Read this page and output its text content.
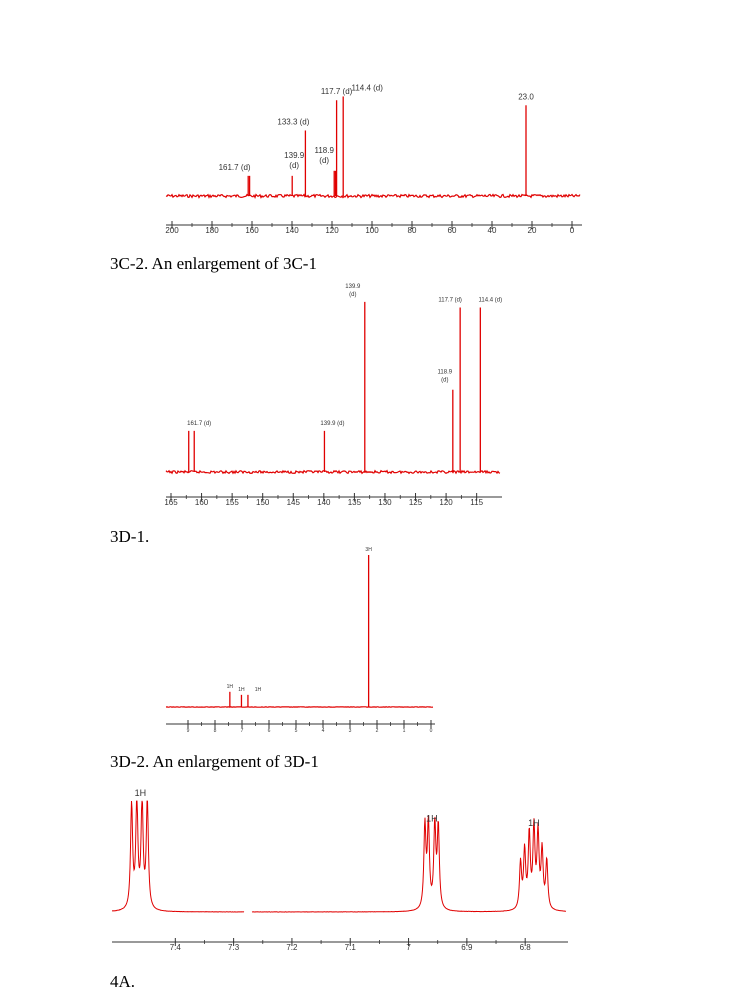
161.7 (d)
139.9
(d)
133.3 (d)
118.9
(d)
117.7 (d) 114.4 (d)
23.0
200	180	160	140	120	100	80	60	40	20	0

3C-2. An enlargement of 3C-1

161.7 (d)	139.9 (d)
139.9
(d)
118.9
(d)
117.7 (d)	114.4 (d)
165 160 155 150 145 140 135 130 125 120 115

3D-1.

1H
1H 1H
3H
9	8	7	6	5	4	3	2	1	0

3D-2. An enlargement of 3D-1

1H
1H	1H
7.4	7.3	7.2	7.1	7	6.9	6.8

4A.
